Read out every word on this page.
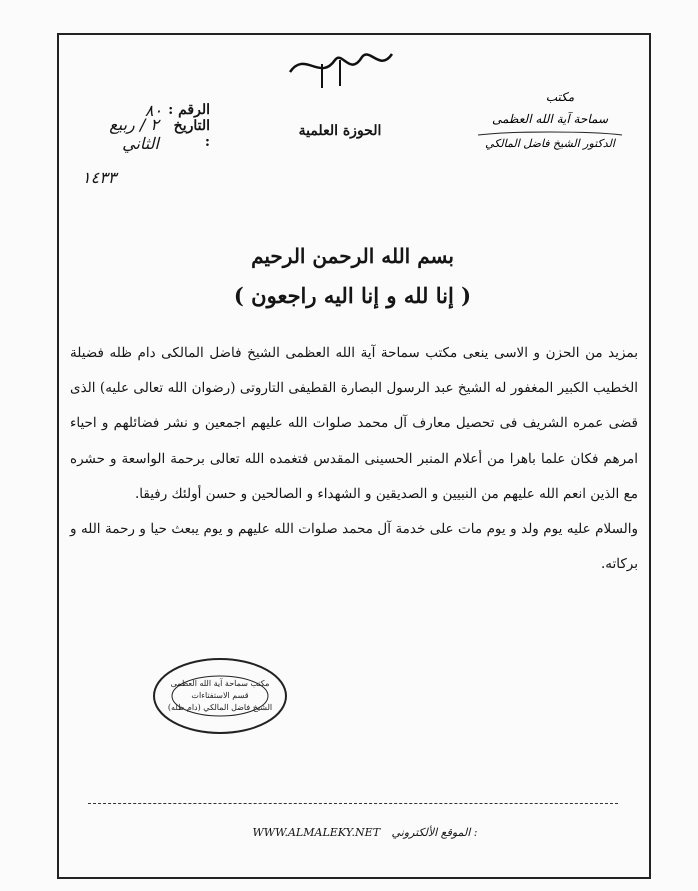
الحوزة العلمية
مكتب
سماحة آية الله العظمى
الدكتور الشيخ فاضل المالكي
الرقم :
٨٠
التاريخ :
٢ / ربيع الثاني
١٤٣٣
بسم الله الرحمن الرحيم
( إنا لله و إنا اليه راجعون )

بمزيد من الحزن و الاسى ينعى مكتب سماحة آية الله العظمى الشيخ فاضل المالكى دام ظله فضيلة الخطيب الكبير المغفور له الشيخ عبد الرسول البصارة القطيفى التاروتى (رضوان الله تعالى عليه) الذى قضى عمره الشريف فى تحصيل معارف آل محمد صلوات الله عليهم اجمعين و نشر فضائلهم و احياء امرهم فكان علما باهرا من أعلام المنبر الحسينى المقدس فتغمده الله تعالى برحمة الواسعة و حشره مع الذين انعم الله عليهم من النبيين و الصديقين و الشهداء و الصالحين و حسن أولئك رفيقا.

والسلام عليه يوم ولد و يوم مات على خدمة آل محمد صلوات الله عليهم و يوم يبعث حيا و رحمة الله و بركاته.

مكتب سماحة آية الله العظمى
قسم الاستفتاءات
الشيخ فاضل المالكي (دام ظله)
WWW.ALMALEKY.NET الموقع الألكتروني :
